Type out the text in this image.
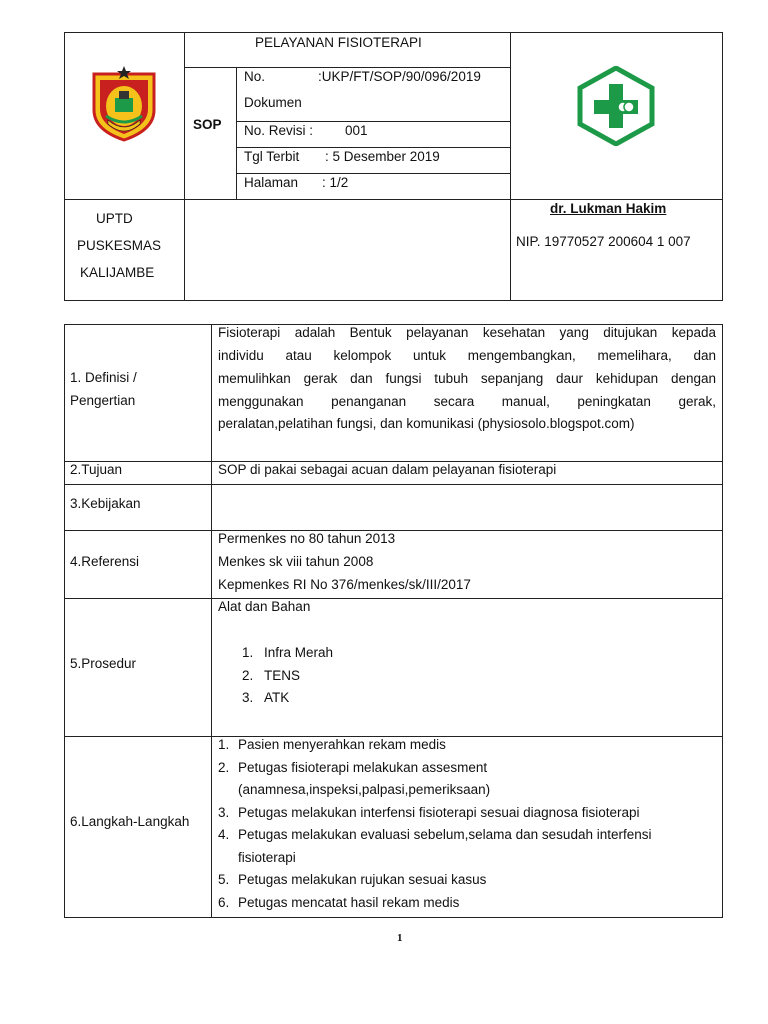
PELAYANAN FISIOTERAPI
SOP
No.	:UKP/FT/SOP/90/096/2019
Dokumen
No. Revisi : 001
Tgl Terbit : 5 Desember 2019
Halaman : 1/2
UPTD
PUSKESMAS
KALIJAMBE
dr. Lukman Hakim
NIP. 19770527 200604 1 007
1. Definisi /
Pengertian
Fisioterapi adalah Bentuk pelayanan kesehatan yang ditujukan kepada
individu atau kelompok untuk mengembangkan, memelihara, dan
memulihkan gerak dan fungsi tubuh sepanjang daur kehidupan dengan
menggunakan penanganan secara manual, peningkatan gerak,
peralatan,pelatihan fungsi, dan komunikasi (physiosolo.blogspot.com)
2.Tujuan	SOP di pakai sebagai acuan dalam pelayanan fisioterapi
3.Kebijakan
4.Referensi
Permenkes no 80 tahun 2013
Menkes sk viii tahun 2008
Kepmenkes RI No 376/menkes/sk/III/2017
5.Prosedur
Alat dan Bahan
1. Infra Merah
2. TENS
3. ATK
6.Langkah-Langkah
1. Pasien menyerahkan rekam medis
2. Petugas fisioterapi melakukan assesment
(anamnesa,inspeksi,palpasi,pemeriksaan)
3. Petugas melakukan interfensi fisioterapi sesuai diagnosa fisioterapi
4. Petugas melakukan evaluasi sebelum,selama dan sesudah interfensi
fisioterapi
5. Petugas melakukan rujukan sesuai kasus
6. Petugas mencatat hasil rekam medis
1
